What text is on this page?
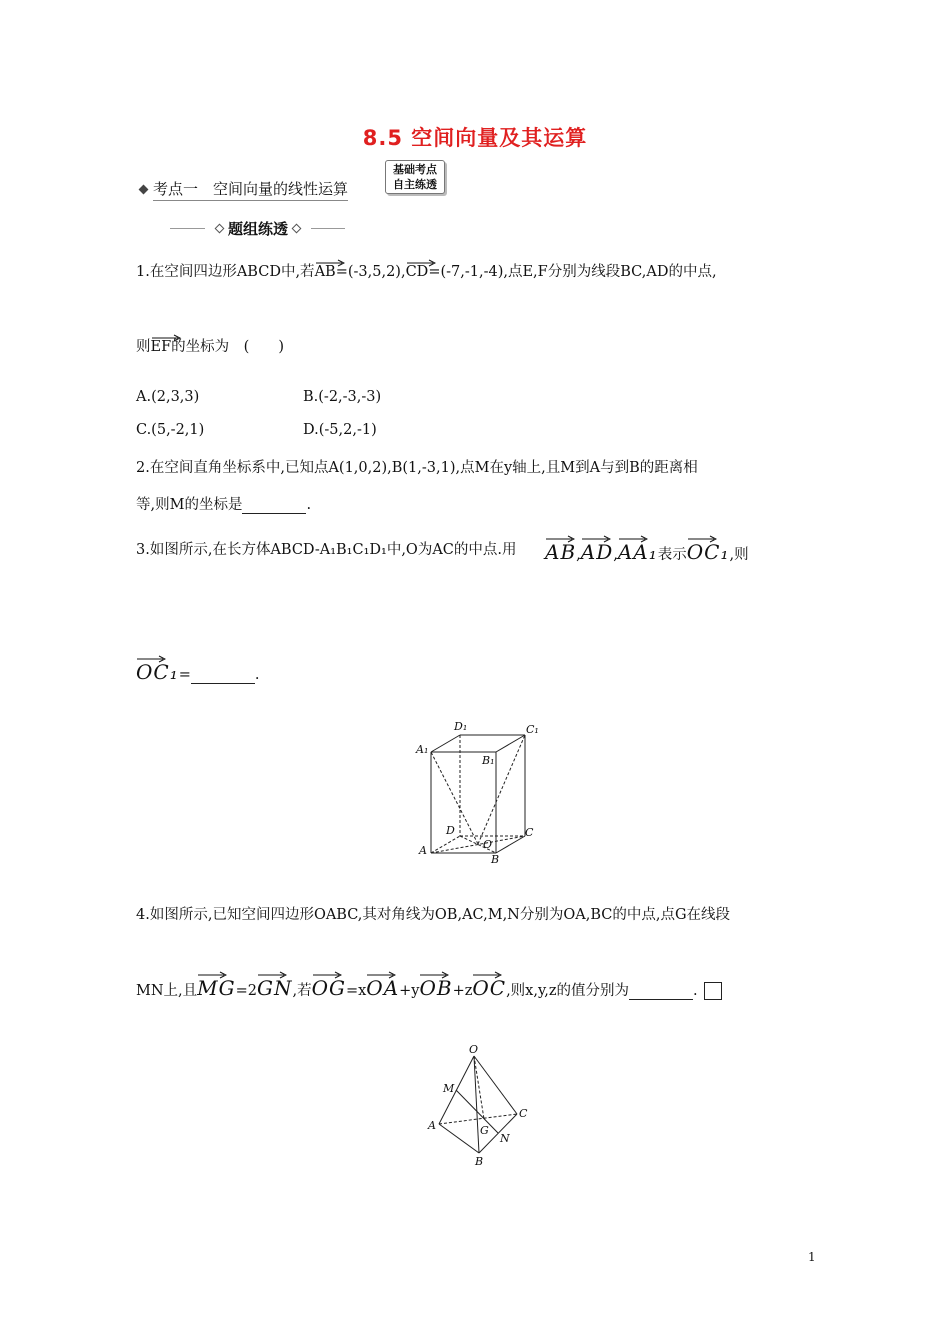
8.5 空间向量及其运算
考点一　空间向量的线性运算
基础考点
自主练透
题组练透
1.在空间四边形ABCD中,若
AB=(-3,5,2),
CD=(-7,-1,-4),点E,F分别为线段BC,AD的中点,
则
EF的坐标为　(　　)
A.(2,3,3)	B.(-2,-3,-3)
C.(5,-2,1)	D.(-5,2,-1)
2.在空间直角坐标系中,已知点A(1,0,2),B(1,-3,1),点M在y轴上,且M到A与到B的距离相
等,则M的坐标是	.
3.如图所示,在长方体ABCD-A₁B₁C₁D₁中,O为AC的中点.用 AB,
AD,
AA₁表示
OC₁,则
OC₁=	.
D₁	C₁
A₁
B₁
D	C
A	O
B
4.如图所示,已知空间四边形OABC,其对角线为OB,AC,M,N分别为OA,BC的中点,点G在线段
MN上,且
MG=2
GN,若
OG=x
OA+y
OB+z
OC,则x,y,z的值分别为	.
O
M
C
A	G
N
B
1
